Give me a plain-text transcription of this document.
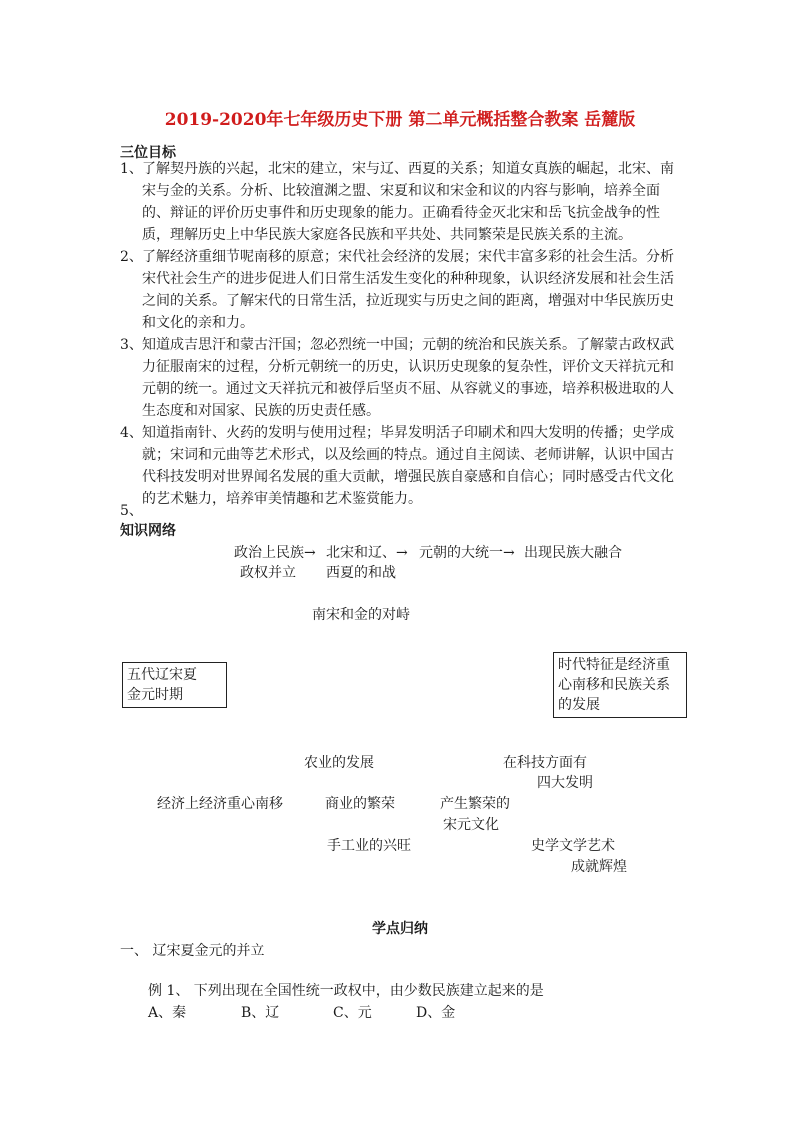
2019-2020年七年级历史下册 第二单元概括整合教案 岳麓版
三位目标
1、 了解契丹族的兴起，北宋的建立，宋与辽、西夏的关系；知道女真族的崛起，北宋、南宋与金的关系。分析、比较澶渊之盟、宋夏和议和宋金和议的内容与影响，培养全面的、辩证的评价历史事件和历史现象的能力。正确看待金灭北宋和岳飞抗金战争的性质，理解历史上中华民族大家庭各民族和平共处、共同繁荣是民族关系的主流。
2、 了解经济重细节呢南移的原意；宋代社会经济的发展；宋代丰富多彩的社会生活。分析宋代社会生产的进步促进人们日常生活发生变化的种种现象，认识经济发展和社会生活之间的关系。了解宋代的日常生活，拉近现实与历史之间的距离，增强对中华民族历史和文化的亲和力。
3、 知道成吉思汗和蒙古汗国；忽必烈统一中国；元朝的统治和民族关系。了解蒙古政权武力征服南宋的过程，分析元朝统一的历史，认识历史现象的复杂性，评价文天祥抗元和元朝的统一。通过文天祥抗元和被俘后坚贞不屈、从容就义的事迹，培养积极进取的人生态度和对国家、民族的历史责任感。
4、 知道指南针、火药的发明与使用过程；毕昇发明活子印刷术和四大发明的传播；史学成就；宋词和元曲等艺术形式，以及绘画的特点。通过自主阅读、老师讲解，认识中国古代科技发明对世界闻名发展的重大贡献，增强民族自豪感和自信心；同时感受古代文化的艺术魅力，培养审美情趣和艺术鉴赏能力。
5、
知识网络
政治上民族→ 北宋和辽、→ 元朝的大统一→ 出现民族大融合
政权并立 西夏的和战
南宋和金的对峙
五代辽宋夏
金元时期
时代特征是经济重
心南移和民族关系
的发展
农业的发展	在科技方面有
四大发明
经济上经济重心南移	商业的繁荣	产生繁荣的
宋元文化
手工业的兴旺	史学文学艺术
成就辉煌
学点归纳
一、 辽宋夏金元的并立
例 1、 下列出现在全国性统一政权中，由少数民族建立起来的是
A、秦	B、辽	C、元	D、金
